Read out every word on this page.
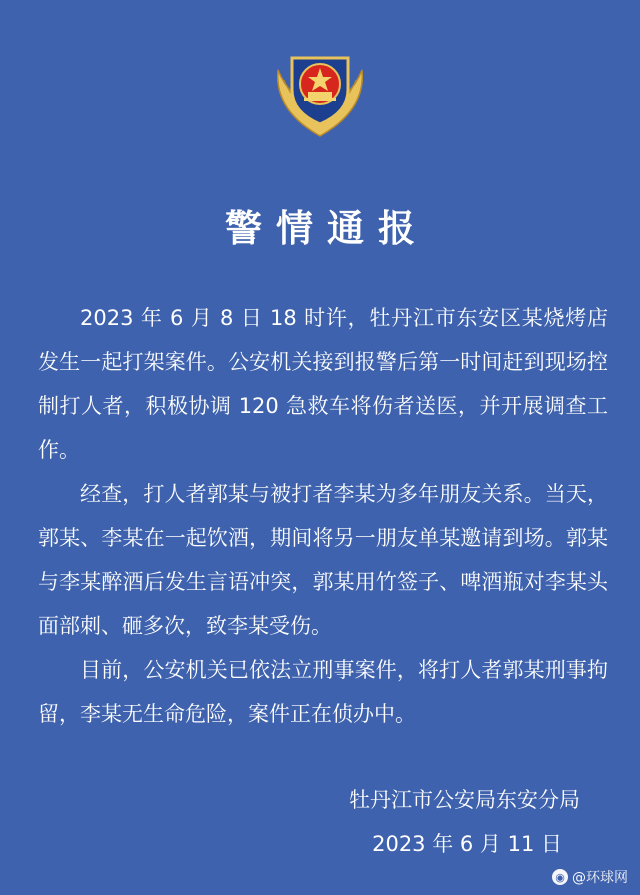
警情通报

2023 年 6 月 8 日 18 时许，牡丹江市东安区某烧烤店发生一起打架案件。公安机关接到报警后第一时间赶到现场控制打人者，积极协调 120 急救车将伤者送医，并开展调查工作。

经查，打人者郭某与被打者李某为多年朋友关系。当天，郭某、李某在一起饮酒，期间将另一朋友单某邀请到场。郭某与李某醉酒后发生言语冲突，郭某用竹签子、啤酒瓶对李某头面部刺、砸多次，致李某受伤。

目前，公安机关已依法立刑事案件，将打人者郭某刑事拘留，李某无生命危险，案件正在侦办中。

牡丹江市公安局东安分局
2023 年 6 月 11 日
◉ @环球网
